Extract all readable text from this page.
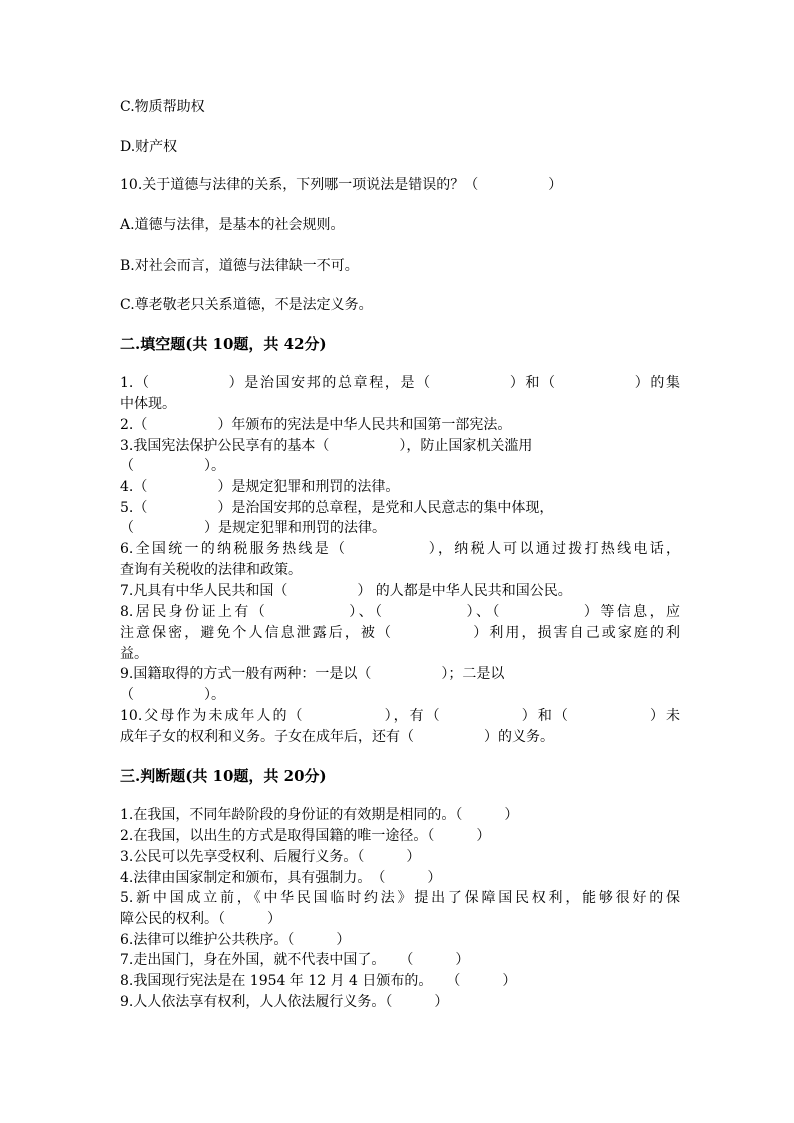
C.物质帮助权
D.财产权
10.关于道德与法律的关系，下列哪一项说法是错误的？（　　　　　）
A.道德与法律，是基本的社会规则。
B.对社会而言，道德与法律缺一不可。
C.尊老敬老只关系道德，不是法定义务。
二.填空题(共 10题，共 42分)
1.（　　　　　）是治国安邦的总章程，是（　　　　　）和（　　　　　）的集
中体现。
2.（　　　　　）年颁布的宪法是中华人民共和国第一部宪法。
3.我国宪法保护公民享有的基本（　　　　　），防止国家机关滥用
（　　　　　）。
4.（　　　　　）是规定犯罪和刑罚的法律。
5.（　　　　　）是治国安邦的总章程，是党和人民意志的集中体现，
（　　　　　）是规定犯罪和刑罚的法律。
6.全国统一的纳税服务热线是（　　　　　），纳税人可以通过拨打热线电话，
查询有关税收的法律和政策。
7.凡具有中华人民共和国（　　　　　） 的人都是中华人民共和国公民。
8.居民身份证上有（　　　　　）、（　　　　　）、（　　　　　）等信息，应
注意保密，避免个人信息泄露后，被（　　　　　）利用，损害自己或家庭的利
益。
9.国籍取得的方式一般有两种：一是以（　　　　　）；二是以
（　　　　　）。
10.父母作为未成年人的（　　　　　），有（　　　　　）和（　　　　　）未
成年子女的权利和义务。子女在成年后，还有（　　　　　）的义务。
三.判断题(共 10题，共 20分)
1.在我国，不同年龄阶段的身份证的有效期是相同的。（　　　）
2.在我国，以出生的方式是取得国籍的唯一途径。（　　　）
3.公民可以先享受权利、后履行义务。（　　　）
4.法律由国家制定和颁布，具有强制力。　（　　　）
5.新中国成立前，《中华民国临时约法》提出了保障国民权利，能够很好的保
障公民的权利。（　　　）
6.法律可以维护公共秩序。（　　　）
7.走出国门，身在外国，就不代表中国了。　　（　　　）
8.我国现行宪法是在 1954 年 12 月 4 日颁布的。　　（　　　）
9.人人依法享有权利，人人依法履行义务。（　　　）
